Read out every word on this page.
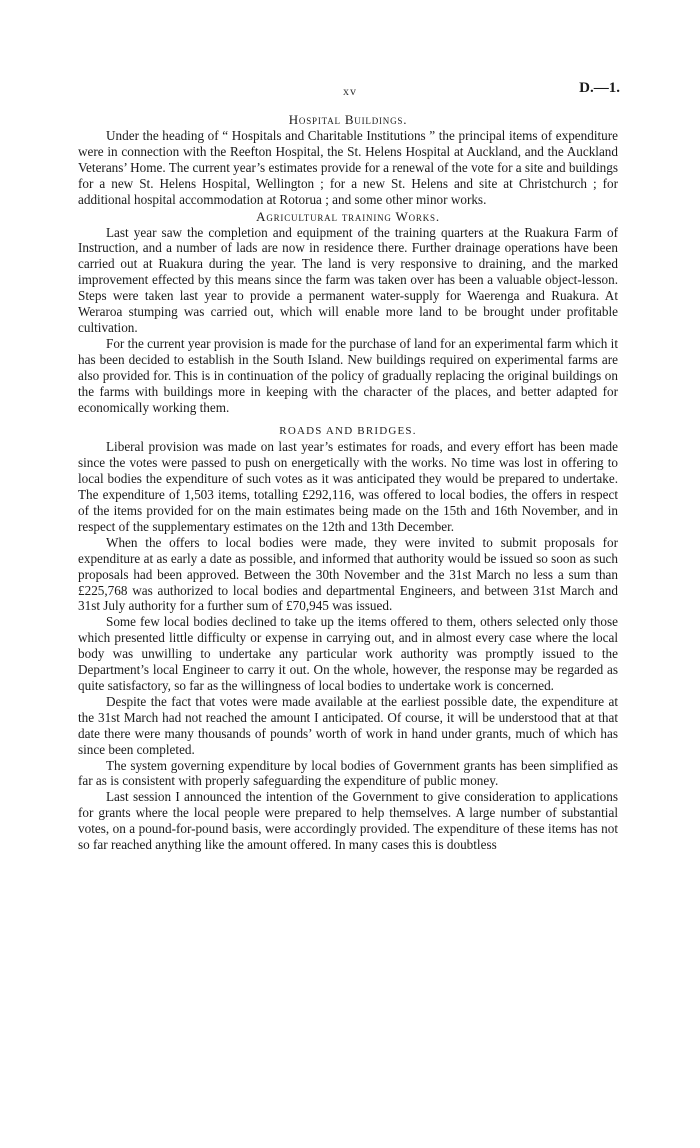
xv	D.—1.
Hospital Buildings.

Under the heading of “ Hospitals and Charitable Institutions ” the principal items of expenditure were in connection with the Reefton Hospital, the St. Helens Hospital at Auckland, and the Auckland Veterans’ Home. The current year’s estimates provide for a renewal of the vote for a site and buildings for a new St. Helens Hospital, Wellington ; for a new St. Helens and site at Christchurch ; for additional hospital accommodation at Rotorua ; and some other minor works.

Agricultural training Works.

Last year saw the completion and equipment of the training quarters at the Ruakura Farm of Instruction, and a number of lads are now in residence there. Further drainage operations have been carried out at Ruakura during the year. The land is very responsive to draining, and the marked improvement effected by this means since the farm was taken over has been a valuable object-lesson. Steps were taken last year to provide a permanent water-supply for Waerenga and Ruakura. At Weraroa stumping was carried out, which will enable more land to be brought under profitable cultivation.

For the current year provision is made for the purchase of land for an experimental farm which it has been decided to establish in the South Island. New buildings required on experimental farms are also provided for. This is in continuation of the policy of gradually replacing the original buildings on the farms with buildings more in keeping with the character of the places, and better adapted for economically working them.

ROADS AND BRIDGES.

Liberal provision was made on last year’s estimates for roads, and every effort has been made since the votes were passed to push on energetically with the works. No time was lost in offering to local bodies the expenditure of such votes as it was anticipated they would be prepared to undertake. The expenditure of 1,503 items, totalling £292,116, was offered to local bodies, the offers in respect of the items provided for on the main estimates being made on the 15th and 16th November, and in respect of the supplementary estimates on the 12th and 13th December.

When the offers to local bodies were made, they were invited to submit proposals for expenditure at as early a date as possible, and informed that authority would be issued so soon as such proposals had been approved. Between the 30th November and the 31st March no less a sum than £225,768 was authorized to local bodies and departmental Engineers, and between 31st March and 31st July authority for a further sum of £70,945 was issued.

Some few local bodies declined to take up the items offered to them, others selected only those which presented little difficulty or expense in carrying out, and in almost every case where the local body was unwilling to undertake any particular work authority was promptly issued to the Department’s local Engineer to carry it out. On the whole, however, the response may be regarded as quite satisfactory, so far as the willingness of local bodies to undertake work is concerned.

Despite the fact that votes were made available at the earliest possible date, the expenditure at the 31st March had not reached the amount I anticipated. Of course, it will be understood that at that date there were many thousands of pounds’ worth of work in hand under grants, much of which has since been completed.

The system governing expenditure by local bodies of Government grants has been simplified as far as is consistent with properly safeguarding the expenditure of public money.

Last session I announced the intention of the Government to give consideration to applications for grants where the local people were prepared to help themselves. A large number of substantial votes, on a pound-for-pound basis, were accordingly provided. The expenditure of these items has not so far reached anything like the amount offered. In many cases this is doubtless
